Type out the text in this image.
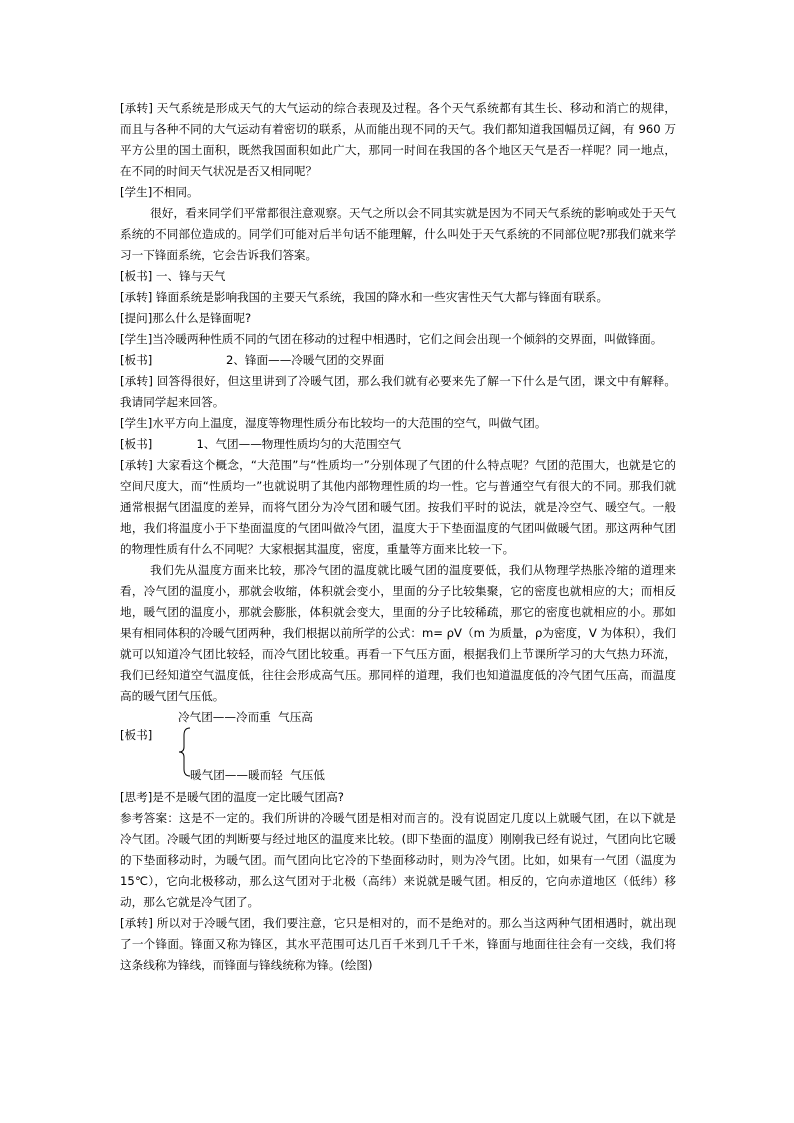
[承转] 天气系统是形成天气的大气运动的综合表现及过程。各个天气系统都有其生长、移动和消亡的规律，而且与各种不同的大气运动有着密切的联系，从而能出现不同的天气。我们都知道我国幅员辽阔，有 960 万平方公里的国土面积，既然我国面积如此广大，那同一时间在我国的各个地区天气是否一样呢？同一地点，在不同的时间天气状况是否又相同呢？

[学生]不相同。

很好，看来同学们平常都很注意观察。天气之所以会不同其实就是因为不同天气系统的影响或处于天气系统的不同部位造成的。同学们可能对后半句话不能理解，什么叫处于天气系统的不同部位呢?那我们就来学习一下锋面系统，它会告诉我们答案。

[板书] 一、锋与天气

[承转] 锋面系统是影响我国的主要天气系统，我国的降水和一些灾害性天气大都与锋面有联系。

[提问]那么什么是锋面呢?

[学生]当冷暖两种性质不同的气团在移动的过程中相遇时，它们之间会出现一个倾斜的交界面，叫做锋面。

[板书]                    2、锋面——冷暖气团的交界面

[承转] 回答得很好，但这里讲到了冷暖气团，那么我们就有必要来先了解一下什么是气团，课文中有解释。我请同学起来回答。

[学生]水平方向上温度，湿度等物理性质分布比较均一的大范围的空气，叫做气团。

[板书]            1、气团——物理性质均匀的大范围空气

[承转] 大家看这个概念，“大范围”与“性质均一”分别体现了气团的什么特点呢？气团的范围大，也就是它的空间尺度大，而“性质均一”也就说明了其他内部物理性质的均一性。它与普通空气有很大的不同。那我们就通常根据气团温度的差异，而将气团分为冷气团和暖气团。按我们平时的说法，就是冷空气、暖空气。一般地，我们将温度小于下垫面温度的气团叫做冷气团，温度大于下垫面温度的气团叫做暖气团。那这两种气团的物理性质有什么不同呢？大家根据其温度，密度，重量等方面来比较一下。

我们先从温度方面来比较，那冷气团的温度就比暖气团的温度要低，我们从物理学热胀冷缩的道理来看，冷气团的温度小，那就会收缩，体积就会变小，里面的分子比较集聚，它的密度也就相应的大；而相反地，暖气团的温度小，那就会膨胀，体积就会变大，里面的分子比较稀疏，那它的密度也就相应的小。那如果有相同体积的冷暖气团两种，我们根据以前所学的公式：m= ρV（m 为质量，ρ为密度，V 为体积），我们就可以知道冷气团比较轻，而冷气团比较重。再看一下气压方面，根据我们上节课所学习的大气热力环流，我们已经知道空气温度低，往往会形成高气压。那同样的道理，我们也知道温度低的冷气团气压高，而温度高的暖气团气压低。

冷气团——冷而重  气压高
[板书]
暖气团——暖而轻  气压低

[思考]是不是暖气团的温度一定比暖气团高?

参考答案：这是不一定的。我们所讲的冷暖气团是相对而言的。没有说固定几度以上就暖气团，在以下就是冷气团。冷暖气团的判断要与经过地区的温度来比较。(即下垫面的温度）刚刚我已经有说过，气团向比它暖的下垫面移动时，为暖气团。而气团向比它冷的下垫面移动时，则为冷气团。比如，如果有一气团（温度为 15℃），它向北极移动，那么这气团对于北极（高纬）来说就是暖气团。相反的，它向赤道地区（低纬）移动，那么它就是冷气团了。

[承转] 所以对于冷暖气团，我们要注意，它只是相对的，而不是绝对的。那么当这两种气团相遇时，就出现了一个锋面。锋面又称为锋区，其水平范围可达几百千米到几千千米，锋面与地面往往会有一交线，我们将这条线称为锋线，而锋面与锋线统称为锋。(绘图)
